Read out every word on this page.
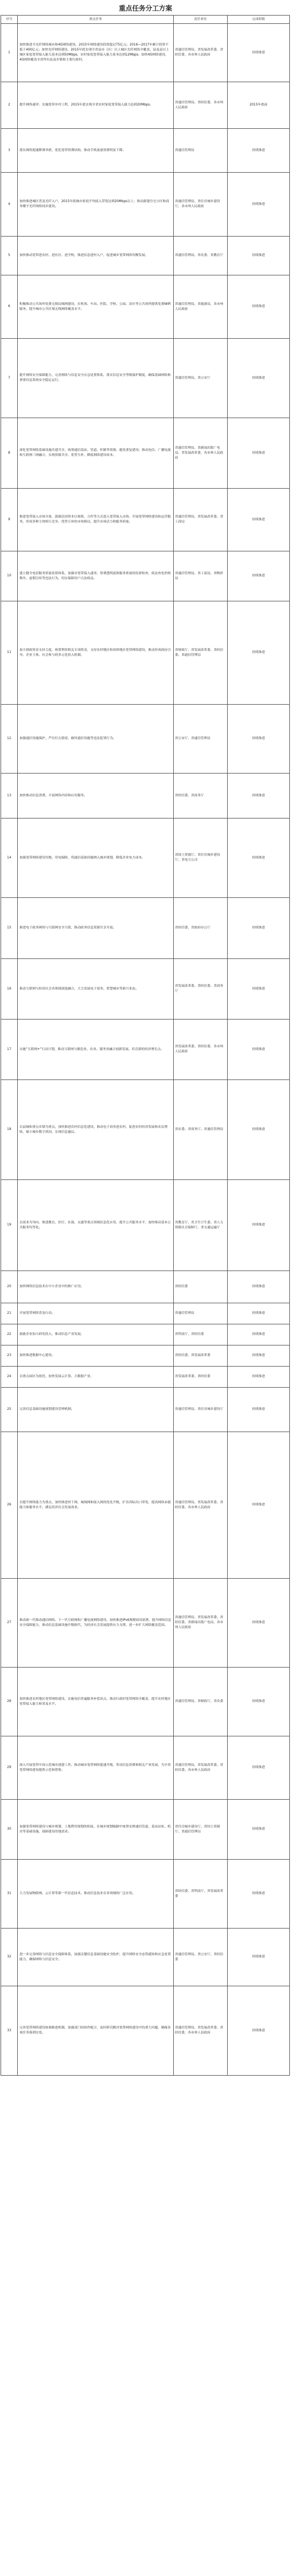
重点任务分工方案
序号	重点任务	责任单位	完成时限
1	加快推进全光纤网络城市和4G网络建设，2015年网络建设投资超过75亿元；2016—2017年累计投资不低于400亿元；加快光纤网络建设，2015年底实现全省县市（区）以上城区光纤网络全覆盖，县及县以上城区家庭宽带接入能力基本达到50Mbps，农村家庭宽带接入能力基本达到12Mbps；加快4G网络建设，4G网络覆盖全省所有县及乡镇和主要行政村。	省通信管理局、省发展改革委、省经信委，各市州人民政府	持续推进
2	提升网络速率：实施宽带乡村工程，2015年底实现全省农村家庭宽带接入能力达到20Mbps。	省通信管理局、省经信委，各市州人民政府	2015年底前
3	落实网络提速降费举措，优化宽带资费结构，推动手机流量资费明显下降。	省通信管理局	持续推进
4	加快推进城区普及光纤入户，2015年底城市家庭平均接入带宽达到20Mbps以上；推动新建住宅小区和商务楼宇光纤网络同步建设。	省通信管理局、省住房城乡建设厅，各市州人民政府	持续推进
5	加快推动宽带进农村、进社区、进学校，推进信息进村入户，促进城乡宽带网络均衡发展。	省通信管理局、省农委、省教育厅	持续推进
6	积极推动公共场所免费无线局域网建设，在机场、车站、医院、学校、公园、景区等公共场所提供免费WiFi服务，提升城市公共区域无线网络覆盖水平。	省通信管理局、省旅游局，各市州人民政府	持续推进
7	提升网络安全保障能力，完善网络与信息安全应急处置体系，落实信息安全等级保护制度，确保基础网络和重要信息系统安全稳定运行。	省通信管理局、省公安厅	持续推进
8	深化宽带网络基础设施共建共享，统筹通信基站、管道、杆路等资源，避免重复建设；推动电信、广播电视和互联网三网融合，实现资源共享、优势互补，降低网络建设成本。	省通信管理局、省新闻出版广电局、省发展改革委，各市州人民政府	持续推进
9	推进宽带接入市场开放，鼓励民间资本以参股、合作等方式进入宽带接入市场，开展宽带网络建设和运营服务，形成多种主体相互竞争、优势互补的市场格局，提升市场活力和服务质量。	省通信管理局、省发展改革委、省工商局	持续推进
10	建立健全电信服务质量监督体系，加强对宽带接入速率、资费透明度和服务质量的监督检查，依法查处价格欺诈、虚假宣传等违法行为，切实保障用户合法权益。	省通信管理局、省工商局、省物价局	持续推进
11	加大财政资金支持力度，统筹利用相关专项资金，支持农村地区和贫困地区宽带网络建设，推动形成政府引导、企业主体、社会参与的多元化投入机制。	省财政厅、省发展改革委、省经信委、省通信管理局	持续推进
12	加强通信设施保护，严厉打击盗窃、破坏通信设施等违法犯罪行为。	省公安厅、省通信管理局	持续推进
13	加快推动信息消费，丰富网络内容和应用服务。	省经信委、省商务厅	持续推进
14	加强宽带网络建设用地、用电保障，将通信基础设施纳入城乡规划，降低企业电力成本。	省国土资源厅、省住房城乡建设厅、省电力公司	持续推进
15	推进电子政务网络与互联网安全互联，推动政务信息资源共享开放。	省经信委、省政府办公厅	持续推进
16	推动互联网与经济社会各领域深度融合，大力发展电子商务、智慧城市等新兴业态。	省发展改革委、省经信委、省商务厅	持续推进
17	实施“互联网+”行动计划，推动互联网与制造业、农业、服务业融合创新发展，培育新的经济增长点。	省发展改革委、省经信委，各市州人民政府	持续推进
18	以县城和重点乡镇为重点，加快推进农村信息化建设，推动电子商务进农村，促进农村经济发展和农民增收，缩小城乡数字鸿沟，实现信息惠民。	省农委、省商务厅、省通信管理局	持续推进
19	以需求为导向，推进教育、医疗、社保、交通等重点领域信息化应用，提升公共服务水平，加快推动基本公共服务均等化。	省教育厅、省卫生计生委、省人力资源社会保障厅、省交通运输厅	持续推进
20	加快网络信息技术在中小企业中的推广应用。	省经信委	持续推进
21	开展宽带网络普及行动。	省通信管理局	持续推进
22	鼓励企业加大研发投入，推动信息产业发展。	省科技厅、省经信委	持续推进
23	加快推进数据中心建设。	省经信委、省发展改革委	持续推进
24	以重点园区为依托，加快发展云计算、大数据产业。	省发展改革委、省经信委	持续推进
25	完善信息基础设施规划建设管理机制。	省通信管理局、省住房城乡建设厅	持续推进
26	以提升网络能力为重点，加快推进骨干网、城域网和接入网的优化升级，扩容省际出口带宽，提高网络承载能力和服务水平，满足经济社会发展需求。	省通信管理局、省发展改革委、省经信委，各市州人民政府	持续推进
27	推动新一代移动通信网络、下一代互联网和广播电视网络建设，加快推进IPv6规模商用部署，提升网络信息安全保障能力，推动信息基础设施升级换代，为经济社会发展提供有力支撑，进一步扩大网络覆盖范围。	省通信管理局、省发展改革委、省经信委、省新闻出版广电局，各市州人民政府	持续推进
28	加快推进农村地区宽带网络建设，实施电信普遍服务补偿试点，推动行政村宽带网络全覆盖，提升农村地区宽带接入能力和普及水平。	省通信管理局、省财政厅、省农委	持续推进
29	深入开展宽带中国示范城市创建工作，推动城市宽带网络提速升级，带动信息消费和相关产业发展，为全省宽带网络建设提供示范和借鉴。	省通信管理局、省发展改革委、省经信委，各市州人民政府	持续推进
30	加强宽带网络建设与城乡规划、土地利用规划的衔接，在城乡规划编制中统筹安排通信管道、基站站址、机房等基础设施，保障建设用地需求。	省住房城乡建设厅、省国土资源厅、省通信管理局	持续推进
31	大力发展物联网、云计算等新一代信息技术，推动信息技术在各领域的广泛应用。	省经信委、省科技厅、省发展改革委	持续推进
32	进一步完善网络与信息安全保障体系，加强关键信息基础设施安全防护，提升网络安全态势感知和应急处置能力，确保网络与信息安全。	省通信管理局、省公安厅、省经信委	持续推进
33	完善宽带网络建设协调推进机制，加强部门间协作配合，及时研究解决宽带网络建设中的重大问题，确保各项任务落到实处。	省通信管理局、省发展改革委、省经信委，各市州人民政府	持续推进
